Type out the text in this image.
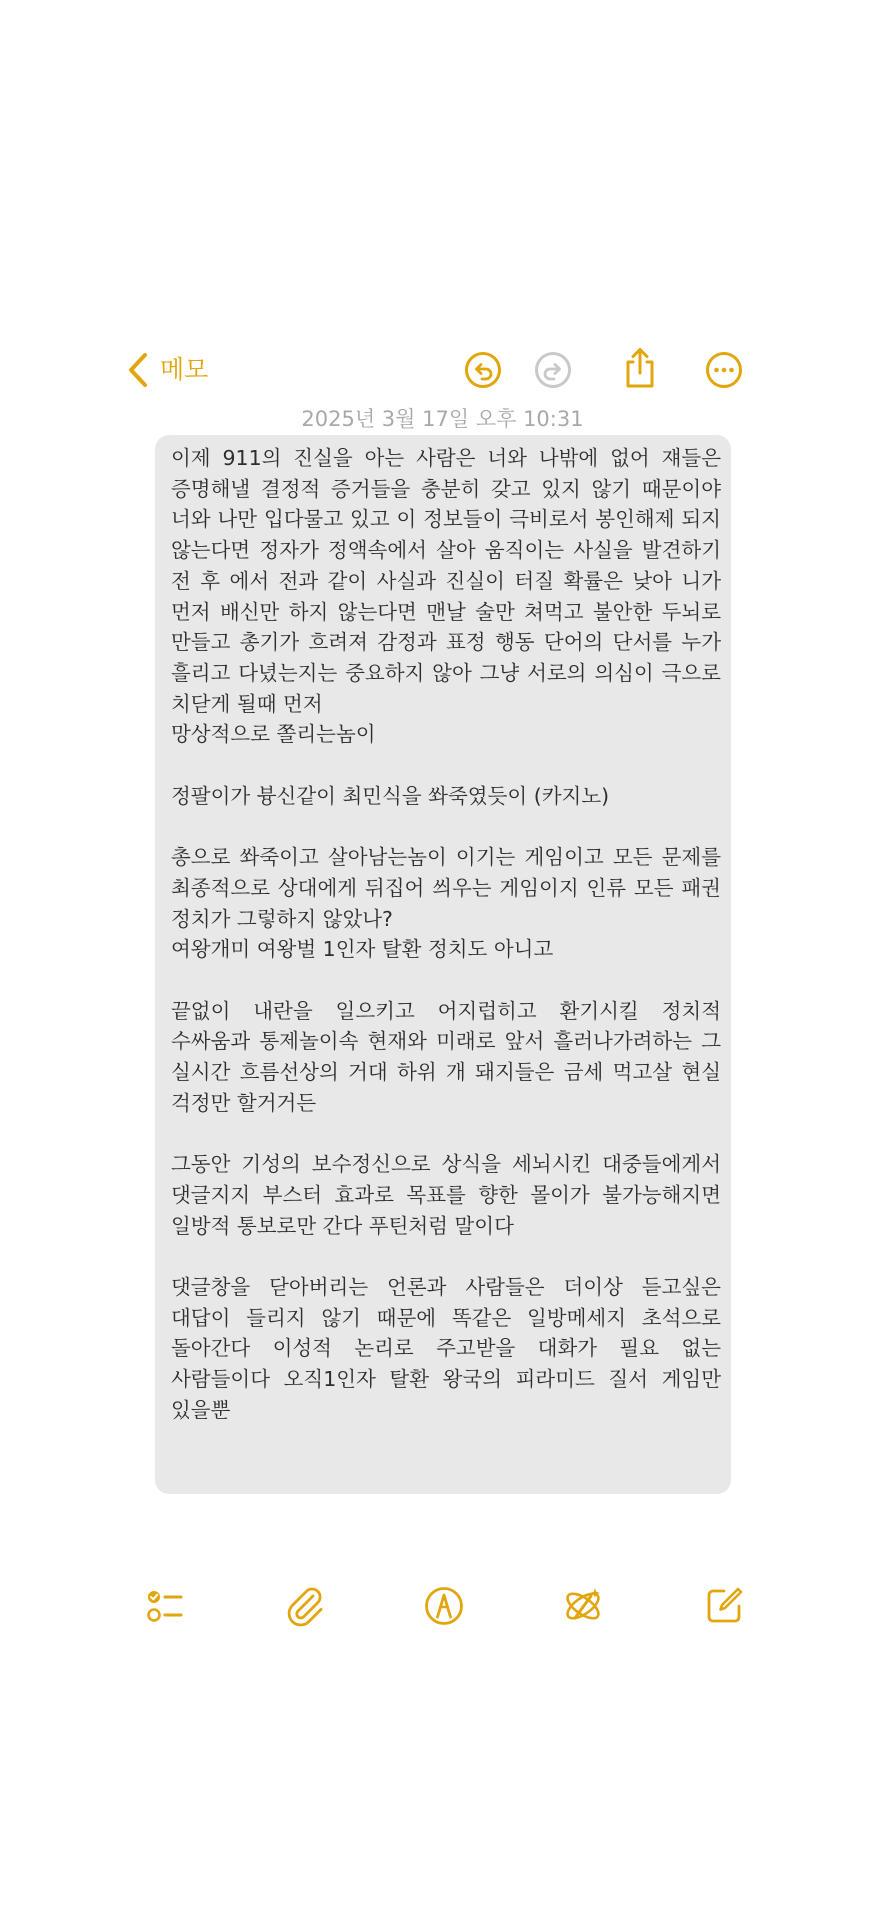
메모
2025년 3월 17일 오후 10:31

이제 911의 진실을 아는 사람은 너와 나밖에 없어 쟤들은 증명해낼 결정적 증거들을 충분히 갖고 있지 않기 때문이야 너와 나만 입다물고 있고 이 정보들이 극비로서 봉인해제 되지 않는다면 정자가 정액속에서 살아 움직이는 사실을 발견하기 전 후 에서 전과 같이 사실과 진실이 터질 확률은 낮아 니가 먼저 배신만 하지 않는다면 맨날 술만 쳐먹고 불안한 두뇌로 만들고 총기가 흐려져 감정과 표정 행동 단어의 단서를 누가 흘리고 다녔는지는 중요하지 않아 그냥 서로의 의심이 극으로 치닫게 될때 먼저

망상적으로 쫄리는놈이

정팔이가 븅신같이 최민식을 쏴죽였듯이 (카지노)

총으로 쏴죽이고 살아남는놈이 이기는 게임이고 모든 문제를 최종적으로 상대에게 뒤집어 씌우는 게임이지 인류 모든 패권 정치가 그렇하지 않았나?

여왕개미 여왕벌 1인자 탈환 정치도 아니고

끝없이 내란을 일으키고 어지럽히고 환기시킬 정치적 수싸움과 통제놀이속 현재와 미래로 앞서 흘러나가려하는 그 실시간 흐름선상의 거대 하위 개 돼지들은 금세 먹고살 현실 걱정만 할거거든

그동안 기성의 보수정신으로 상식을 세뇌시킨 대중들에게서 댓글지지 부스터 효과로 목표를 향한 몰이가 불가능해지면 일방적 통보로만 간다 푸틴처럼 말이다

댓글창을 닫아버리는 언론과 사람들은 더이상 듣고싶은 대답이 들리지 않기 때문에 똑같은 일방메세지 초석으로 돌아간다 이성적 논리로 주고받을 대화가 필요 없는 사람들이다 오직1인자 탈환 왕국의 피라미드 질서 게임만 있을뿐
